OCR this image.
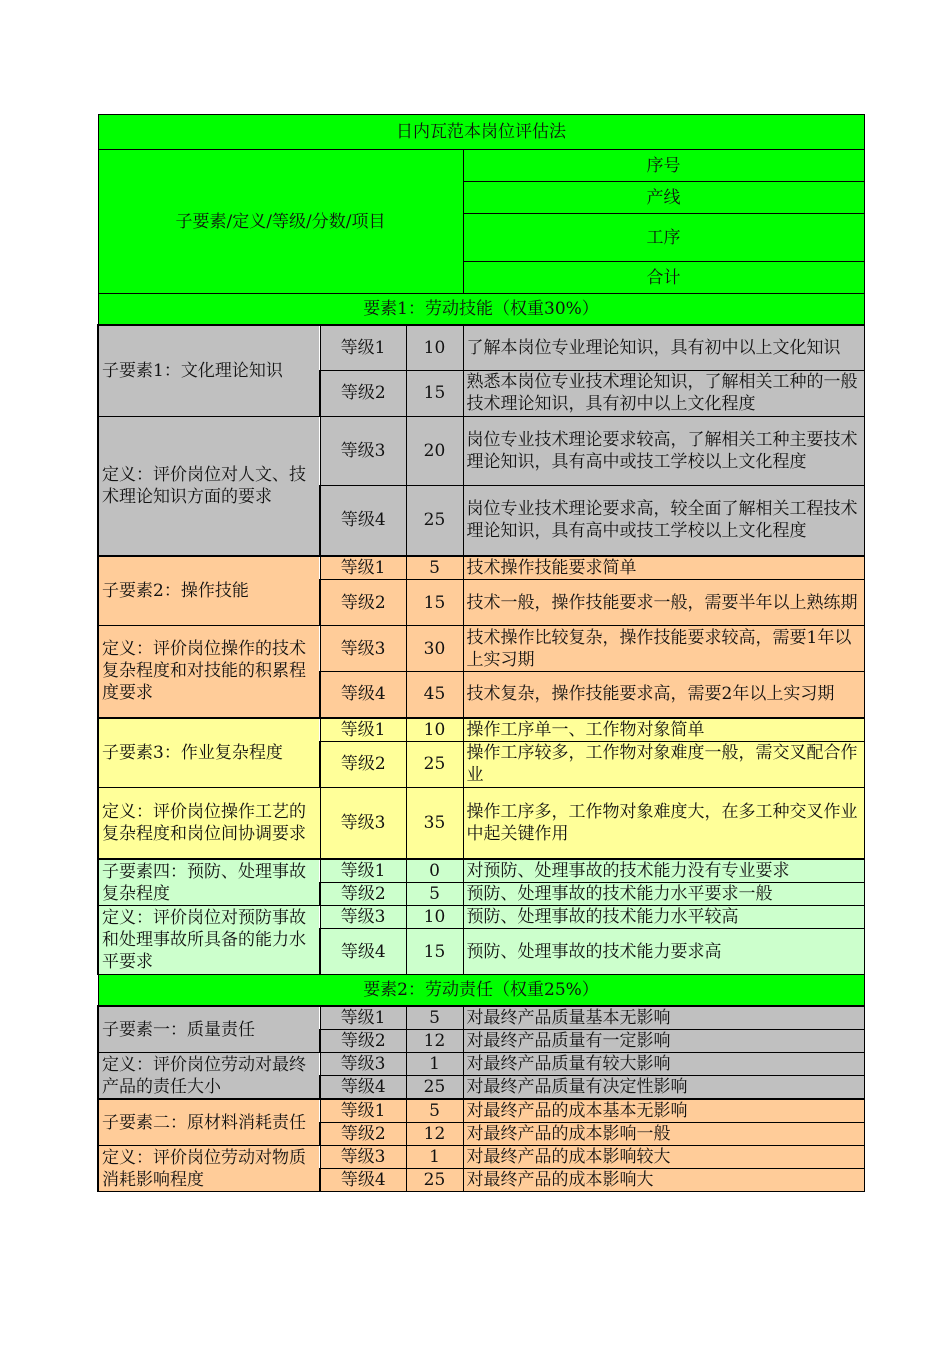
日内瓦范本岗位评估法			
子要素/定义/等级/分数/项目			序号
			产线
			工序
			合计
要素1：劳动技能（权重30%）			
子要素1：文化理论知识	等级1	10	了解本岗位专业理论知识，具有初中以上文化知识
	等级2	15	熟悉本岗位专业技术理论知识，了解相关工种的一般技术理论知识，具有初中以上文化程度
定义：评价岗位对人文、技术理论知识方面的要求	等级3	20	岗位专业技术理论要求较高，了解相关工种主要技术理论知识，具有高中或技工学校以上文化程度
	等级4	25	岗位专业技术理论要求高，较全面了解相关工程技术理论知识，具有高中或技工学校以上文化程度
子要素2：操作技能	等级1	5	技术操作技能要求简单
	等级2	15	技术一般，操作技能要求一般，需要半年以上熟练期
定义：评价岗位操作的技术复杂程度和对技能的积累程度要求	等级3	30	技术操作比较复杂，操作技能要求较高，需要1年以上实习期
	等级4	45	技术复杂，操作技能要求高，需要2年以上实习期
子要素3：作业复杂程度	等级1	10	操作工序单一、工作物对象简单
	等级2	25	操作工序较多，工作物对象难度一般，需交叉配合作业
定义：评价岗位操作工艺的复杂程度和岗位间协调要求	等级3	35	操作工序多，工作物对象难度大，在多工种交叉作业中起关键作用
子要素四：预防、处理事故复杂程度	等级1	0	对预防、处理事故的技术能力没有专业要求
	等级2	5	预防、处理事故的技术能力水平要求一般
定义：评价岗位对预防事故和处理事故所具备的能力水平要求	等级3	10	预防、处理事故的技术能力水平较高
	等级4	15	预防、处理事故的技术能力要求高
要素2：劳动责任（权重25%）			
子要素一：质量责任	等级1	5	对最终产品质量基本无影响
	等级2	12	对最终产品质量有一定影响
定义：评价岗位劳动对最终产品的责任大小	等级3	1	对最终产品质量有较大影响
	等级4	25	对最终产品质量有决定性影响
子要素二：原材料消耗责任	等级1	5	对最终产品的成本基本无影响
	等级2	12	对最终产品的成本影响一般
定义：评价岗位劳动对物质消耗影响程度	等级3	1	对最终产品的成本影响较大
	等级4	25	对最终产品的成本影响大
